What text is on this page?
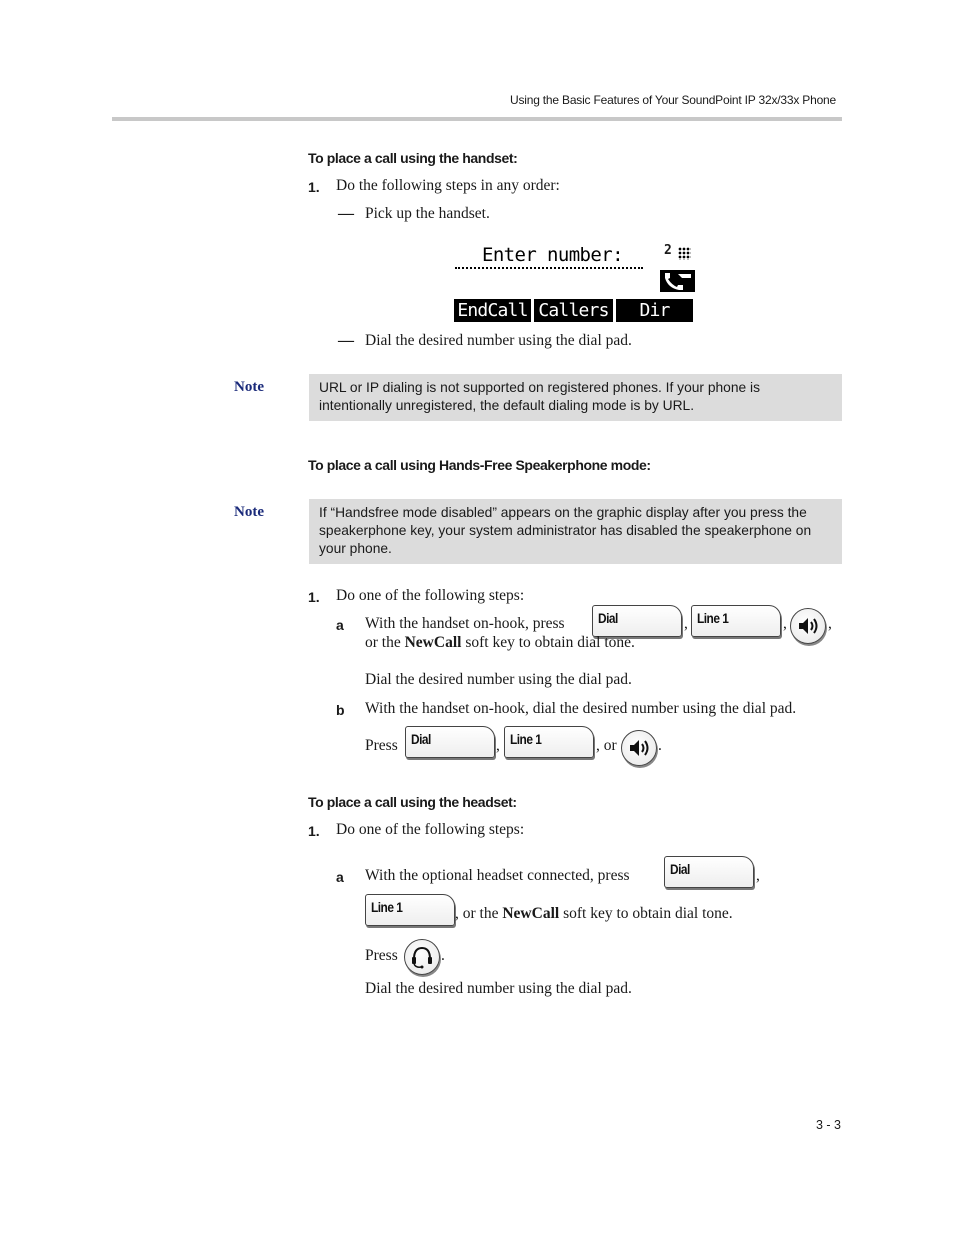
Using the Basic Features of Your SoundPoint IP 32x/33x Phone
To place a call using the handset:
1. Do the following steps in any order:
— Pick up the handset.
Enter number:	2
EndCall Callers	Dir
— Dial the desired number using the dial pad.
Note	URL or IP dialing is not supported on registered phones. If your phone is
intentionally unregistered, the default dialing mode is by URL.
To place a call using Hands-Free Speakerphone mode:
Note	If “Handsfree mode disabled” appears on the graphic display after you press the
speakerphone key, your system administrator has disabled the speakerphone on
your phone.
1. Do one of the following steps:
a With the handset on-hook, press Dial	, Line 1	,	,
or the NewCall soft key to obtain dial tone.
Dial the desired number using the dial pad.
b With the handset on-hook, dial the desired number using the dial pad.
Press Dial	, Line 1	, or	.
To place a call using the headset:
1. Do one of the following steps:
a With the optional headset connected, press	Dial	,
Line 1	, or the NewCall soft key to obtain dial tone.
Press	.
Dial the desired number using the dial pad.
3 - 3
